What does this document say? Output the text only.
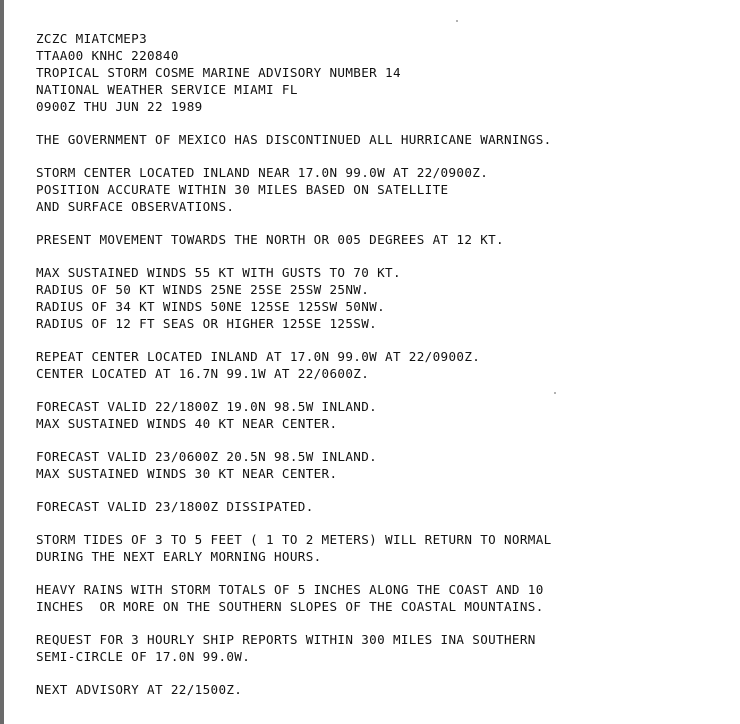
ZCZC MIATCMEP3
TTAA00 KNHC 220840
TROPICAL STORM COSME MARINE ADVISORY NUMBER 14
NATIONAL WEATHER SERVICE MIAMI FL
0900Z THU JUN 22 1989
THE GOVERNMENT OF MEXICO HAS DISCONTINUED ALL HURRICANE WARNINGS.
STORM CENTER LOCATED INLAND NEAR 17.0N 99.0W AT 22/0900Z.
POSITION ACCURATE WITHIN 30 MILES BASED ON SATELLITE
AND SURFACE OBSERVATIONS.
PRESENT MOVEMENT TOWARDS THE NORTH OR 005 DEGREES AT 12 KT.
MAX SUSTAINED WINDS 55 KT WITH GUSTS TO 70 KT.
RADIUS OF 50 KT WINDS 25NE 25SE 25SW 25NW.
RADIUS OF 34 KT WINDS 50NE 125SE 125SW 50NW.
RADIUS OF 12 FT SEAS OR HIGHER 125SE 125SW.
REPEAT CENTER LOCATED INLAND AT 17.0N 99.0W AT 22/0900Z.
CENTER LOCATED AT 16.7N 99.1W AT 22/0600Z.
FORECAST VALID 22/1800Z 19.0N 98.5W INLAND.
MAX SUSTAINED WINDS 40 KT NEAR CENTER.
FORECAST VALID 23/0600Z 20.5N 98.5W INLAND.
MAX SUSTAINED WINDS 30 KT NEAR CENTER.
FORECAST VALID 23/1800Z DISSIPATED.
STORM TIDES OF 3 TO 5 FEET ( 1 TO 2 METERS) WILL RETURN TO NORMAL
DURING THE NEXT EARLY MORNING HOURS.
HEAVY RAINS WITH STORM TOTALS OF 5 INCHES ALONG THE COAST AND 10
INCHES  OR MORE ON THE SOUTHERN SLOPES OF THE COASTAL MOUNTAINS.
REQUEST FOR 3 HOURLY SHIP REPORTS WITHIN 300 MILES INA SOUTHERN
SEMI-CIRCLE OF 17.0N 99.0W.
NEXT ADVISORY AT 22/1500Z.
